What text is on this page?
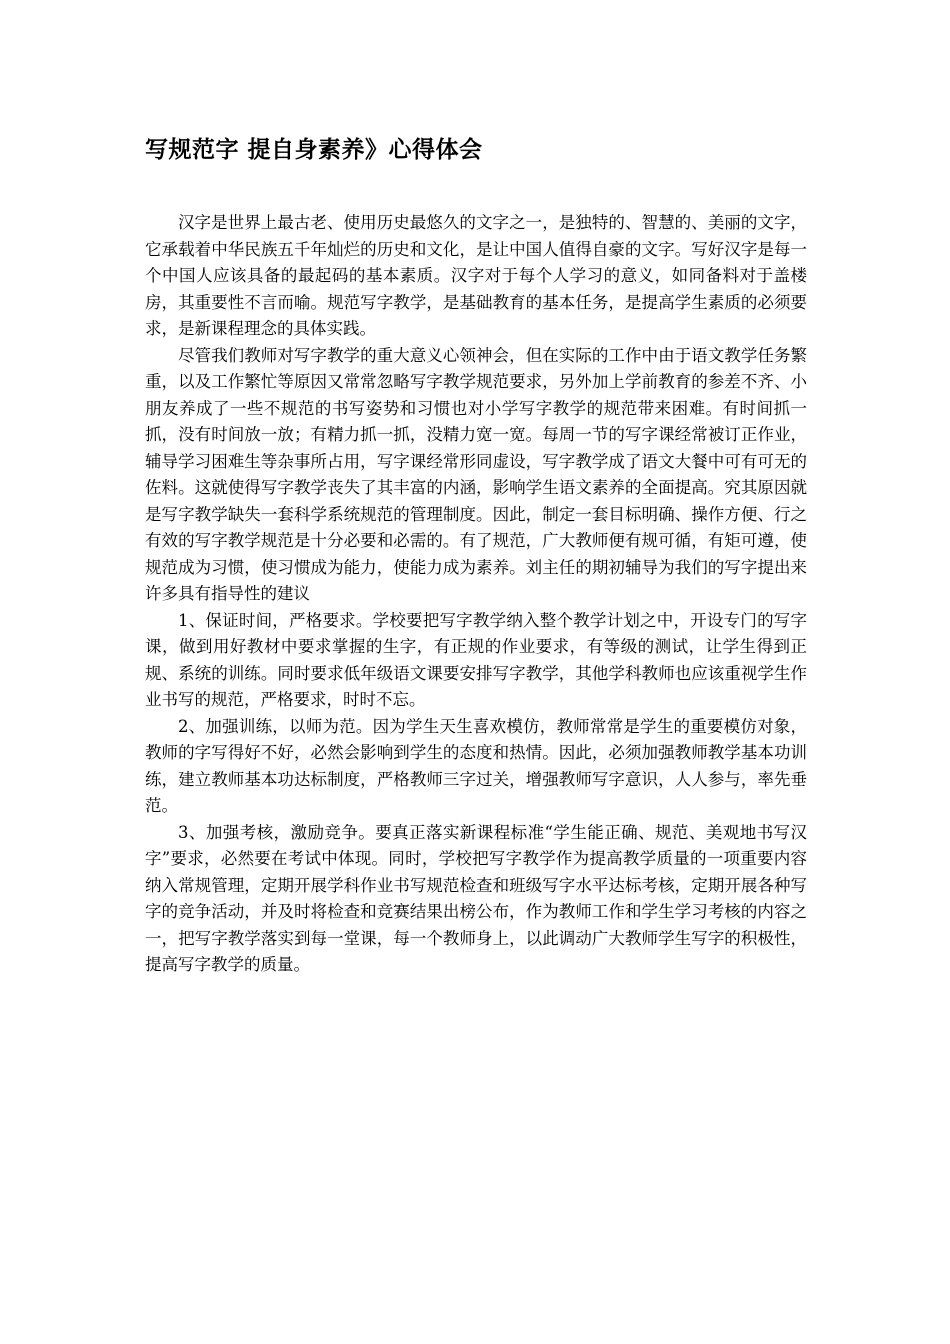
写规范字 提自身素养》心得体会

汉字是世界上最古老、使用历史最悠久的文字之一，是独特的、智慧的、美丽的文字，它承载着中华民族五千年灿烂的历史和文化，是让中国人值得自豪的文字。写好汉字是每一个中国人应该具备的最起码的基本素质。汉字对于每个人学习的意义，如同备料对于盖楼房，其重要性不言而喻。规范写字教学，是基础教育的基本任务，是提高学生素质的必须要求，是新课程理念的具体实践。

尽管我们教师对写字教学的重大意义心领神会，但在实际的工作中由于语文教学任务繁重，以及工作繁忙等原因又常常忽略写字教学规范要求，另外加上学前教育的参差不齐、小朋友养成了一些不规范的书写姿势和习惯也对小学写字教学的规范带来困难。有时间抓一抓，没有时间放一放；有精力抓一抓，没精力宽一宽。每周一节的写字课经常被订正作业，辅导学习困难生等杂事所占用，写字课经常形同虚设，写字教学成了语文大餐中可有可无的佐料。这就使得写字教学丧失了其丰富的内涵，影响学生语文素养的全面提高。究其原因就是写字教学缺失一套科学系统规范的管理制度。因此，制定一套目标明确、操作方便、行之有效的写字教学规范是十分必要和必需的。有了规范，广大教师便有规可循，有矩可遵，使规范成为习惯，使习惯成为能力，使能力成为素养。刘主任的期初辅导为我们的写字提出来许多具有指导性的建议

1、保证时间，严格要求。学校要把写字教学纳入整个教学计划之中，开设专门的写字课，做到用好教材中要求掌握的生字，有正规的作业要求，有等级的测试，让学生得到正规、系统的训练。同时要求低年级语文课要安排写字教学，其他学科教师也应该重视学生作业书写的规范，严格要求，时时不忘。

2、加强训练，以师为范。因为学生天生喜欢模仿，教师常常是学生的重要模仿对象，教师的字写得好不好，必然会影响到学生的态度和热情。因此，必须加强教师教学基本功训练，建立教师基本功达标制度，严格教师三字过关，增强教师写字意识，人人参与，率先垂范。

3、加强考核，激励竞争。要真正落实新课程标准“学生能正确、规范、美观地书写汉字”要求，必然要在考试中体现。同时，学校把写字教学作为提高教学质量的一项重要内容纳入常规管理，定期开展学科作业书写规范检查和班级写字水平达标考核，定期开展各种写字的竞争活动，并及时将检查和竞赛结果出榜公布，作为教师工作和学生学习考核的内容之一，把写字教学落实到每一堂课，每一个教师身上，以此调动广大教师学生写字的积极性，提高写字教学的质量。
